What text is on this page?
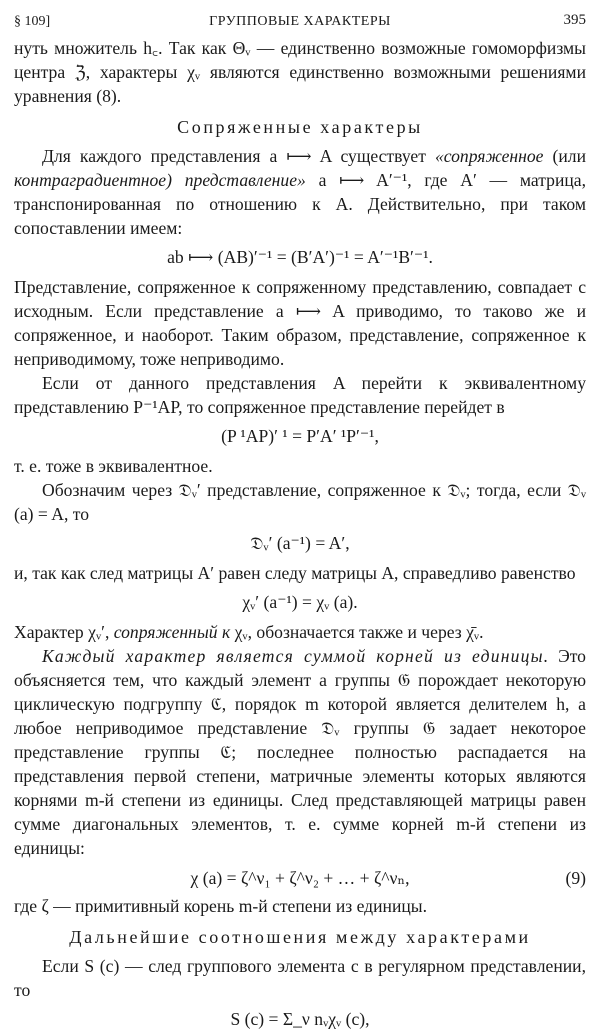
§ 109]	ГРУППОВЫЕ ХАРАКТЕРЫ	395

нуть множитель h꜀. Так как Θᵥ — единственно возможные гомоморфизмы центра ℨ, характеры χᵥ являются единственно возможными решениями уравнения (8).

Сопряженные характеры

Для каждого представления a ⟼ A существует «сопряженное (или контраградиентное) представление» a ⟼ A′⁻¹, где A′ — матрица, транспонированная по отношению к A. Действительно, при таком сопоставлении имеем:

ab ⟼ (AB)′⁻¹ = (B′A′)⁻¹ = A′⁻¹B′⁻¹.

Представление, сопряженное к сопряженному представлению, совпадает с исходным. Если представление a ⟼ A приводимо, то таково же и сопряженное, и наоборот. Таким образом, представление, сопряженное к неприводимому, тоже неприводимо.

Если от данного представления A перейти к эквивалентному представлению P⁻¹AP, то сопряженное представление перейдет в

(P ¹AP)′ ¹ = P′A′ ¹P′⁻¹,

т. е. тоже в эквивалентное.

Обозначим через 𝔇ᵥ′ представление, сопряженное к 𝔇ᵥ; тогда, если 𝔇ᵥ (a) = A, то

𝔇ᵥ′ (a⁻¹) = A′,

и, так как след матрицы A′ равен следу матрицы A, справедливо равенство

χᵥ′ (a⁻¹) = χᵥ (a).

Характер χᵥ′, сопряженный к χᵥ, обозначается также и через χ̄ᵥ.

Каждый характер является суммой корней из единицы. Это объясняется тем, что каждый элемент a группы 𝔊 порождает некоторую циклическую подгруппу ℭ, порядок m которой является делителем h, а любое неприводимое представление 𝔇ᵥ группы 𝔊 задает некоторое представление группы ℭ; последнее полностью распадается на представления первой степени, матричные элементы которых являются корнями m-й степени из единицы. След представляющей матрицы равен сумме диагональных элементов, т. е. сумме корней m-й степени из единицы:

χ (a) = ζ^ν₁ + ζ^ν₂ + … + ζ^νₙ,	(9)

где ζ — примитивный корень m-й степени из единицы.

Дальнейшие соотношения между характерами

Если S (c) — след группового элемента c в регулярном представлении, то

S (c) = Σ_ν nᵥχᵥ (c),
